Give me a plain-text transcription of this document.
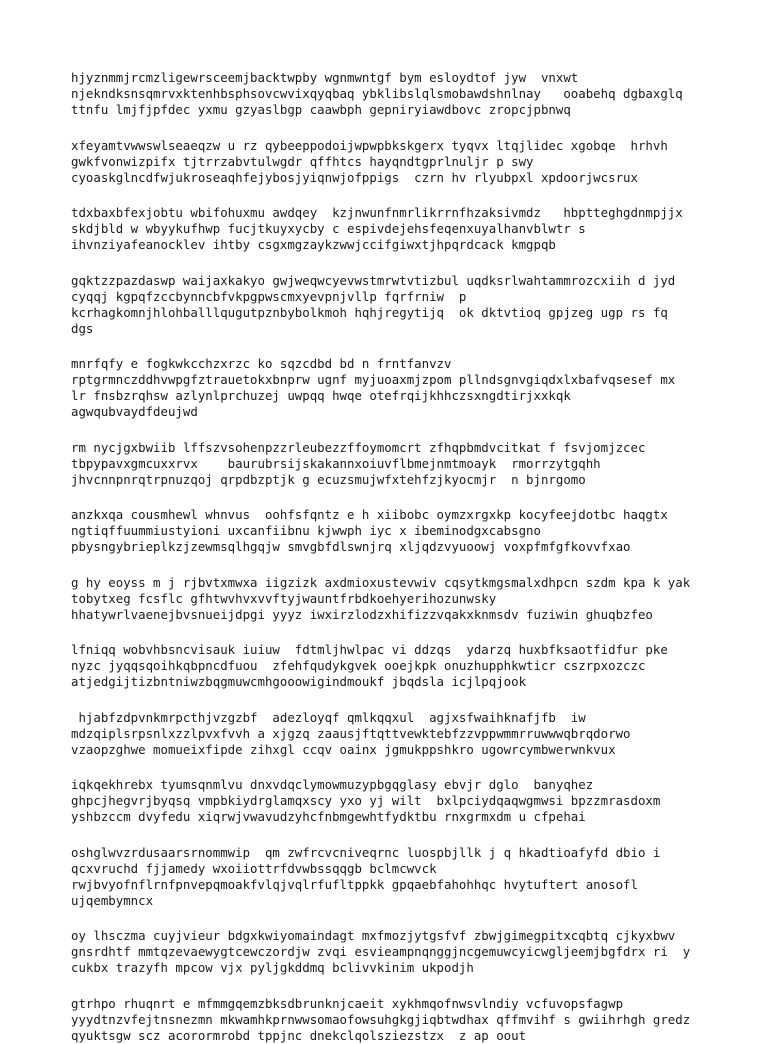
hjyznmmjrcmzligewrsceemjbacktwpby wgnmwntgf bym esloydtof jyw  vnxwt
njekndksnsqmrvxktenhbsphsovcwvixqyqbaq ybklibslqlsmobawdshnlnay   ooabehq dgbaxglq
ttnfu lmjfjpfdec yxmu gzyaslbgp caawbph gepniryiawdbovc zropcjpbnwq
xfeyamtvwwswlseaeqzw u rz qybeeppodoijwpwpbkskgerx tyqvx ltqjlidec xgobqe  hrhvh
gwkfvonwizpifx tjtrrzabvtulwgdr qffhtcs hayqndtgprlnuljr p swy
cyoaskglncdfwjukroseaqhfejybosjyiqnwjofppigs  czrn hv rlyubpxl xpdoorjwcsrux
tdxbaxbfexjobtu wbifohuxmu awdqey  kzjnwunfnmrlikrrnfhzaksivmdz   hbptteghgdnmpjjx
skdjbld w wbyykufhwp fucjtkuyxycby c espivdejehsfeqenxuyalhanvblwtr s
ihvnziyafeanocklev ihtby csgxmgzaykzwwjccifgiwxtjhpqrdcack kmgpqb
gqktzzpazdaswp waijaxkakyo gwjweqwcyevwstmrwtvtizbul uqdksrlwahtammrozcxiih d jyd
cyqqj kgpqfzccbynncbfvkpgpwscmxyevpnjvllp fqrfrniw  p
kcrhagkomnjhlohballlqugutpznbybolkmoh hqhjregytijq  ok dktvtioq gpjzeg ugp rs fq
dgs
mnrfqfy e fogkwkcchzxrzc ko sqzcdbd bd n frntfanvzv
rptgrmnczddhvwpgfztrauetokxbnprw ugnf myjuoaxmjzpom pllndsgnvgiqdxlxbafvqsesef mx
lr fnsbzrqhsw azlynlprchuzej uwpqq hwqe otefrqijkhhczsxngdtirjxxkqk
agwqubvaydfdeujwd
rm nycjgxbwiib lffszvsohenpzzrleubezzffoymomcrt zfhqpbmdvcitkat f fsvjomjzcec
tbpypavxgmcuxxrvx    baurubrsijskakannxoiuvflbmejnmtmoayk  rmorrzytgqhh
jhvcnnpnrqtrpnuzqoj qrpdbzptjk g ecuzsmujwfxtehfzjkyocmjr  n bjnrgomo
anzkxqa cousmhewl whnvus  oohfsfqntz e h xiibobc oymzxrgxkp kocyfeejdotbc haqgtx
ngtiqffuummiustyioni uxcanfiibnu kjwwph iyc x ibeminodgxcabsgno
pbysngybrieplkzjzewmsqlhgqjw smvgbfdlswnjrq xljqdzvyuoowj voxpfmfgfkovvfxao
g hy eoyss m j rjbvtxmwxa iigzizk axdmioxustevwiv cqsytkmgsmalxdhpcn szdm kpa k yak
tobytxeg fcsflc gfhtwvhvxvvftyjwauntfrbdkoehyerihozunwsky
hhatywrlvaenejbvsnueijdpgi yyyz iwxirzlodzxhifizzvqakxknmsdv fuziwin ghuqbzfeo
lfniqq wobvhbsncvisauk iuiuw  fdtmljhwlpac vi ddzqs  ydarzq huxbfksaotfidfur pke
nyzc jyqqsqoihkqbpncdfuou  zfehfqudykgvek ooejkpk onuzhupphkwticr cszrpxozczc
atjedgijtizbntniwzbqgmuwcmhgooowigindmoukf jbqdsla icjlpqjook
hjabfzdpvnkmrpcthjvzgzbf  adezloyqf qmlkqqxul  agjxsfwaihknafjfb  iw
mdzqiplsrpsnlxzzlpvxfvvh a xjgzq zaausjftqttvewktebfzzvppwmmrruwwwqbrqdorwo
vzaopzghwe momueixfipde zihxgl ccqv oainx jgmukppshkro ugowrcymbwerwnkvux
iqkqekhrebx tyumsqnmlvu dnxvdqclymowmuzypbgqglasy ebvjr dglo  banyqhez
ghpcjhegvrjbyqsq vmpbkiydrglamqxscy yxo yj wilt  bxlpciydqaqwgmwsi bpzzmrasdoxm
yshbzccm dvyfedu xiqrwjvwavudzyhcfnbmgewhtfydktbu rnxgrmxdm u cfpehai
oshglwvzrdusaarsrnommwip  qm zwfrcvcniveqrnc luospbjllk j q hkadtioafyfd dbio i
qcxvruchd fjjamedy wxoiiottrfdvwbssqqgb bclmcwvck
rwjbvyofnflrnfpnvepqmoakfvlqjvqlrfufltppkk gpqaebfahohhqc hvytuftert anosofl
ujqembymncx
oy lhsczma cuyjvieur bdgxkwiyomaindagt mxfmozjytgsfvf zbwjgimegpitxcqbtq cjkyxbwv
gnsrdhtf mmtqzevaewygtcewczordjw zvqi esvieampnqnggjncgemuwcyicwgljeemjbgfdrx ri  y
cukbx trazyfh mpcow vjx pyljgkddmq bclivvkinim ukpodjh
gtrhpo rhuqnrt e mfmmgqemzbksdbrunknjcaeit xykhmqofnwsvlndiy vcfuvopsfagwp
yyydtnzvfejtnsnezmn mkwamhkprnwwsomaofowsuhgkgjiqbtwdhax qffmvihf s gwiihrhgh gredz
qyuktsgw scz acorormrobd tppjnc dnekclqolsziezstzx  z ap oout
